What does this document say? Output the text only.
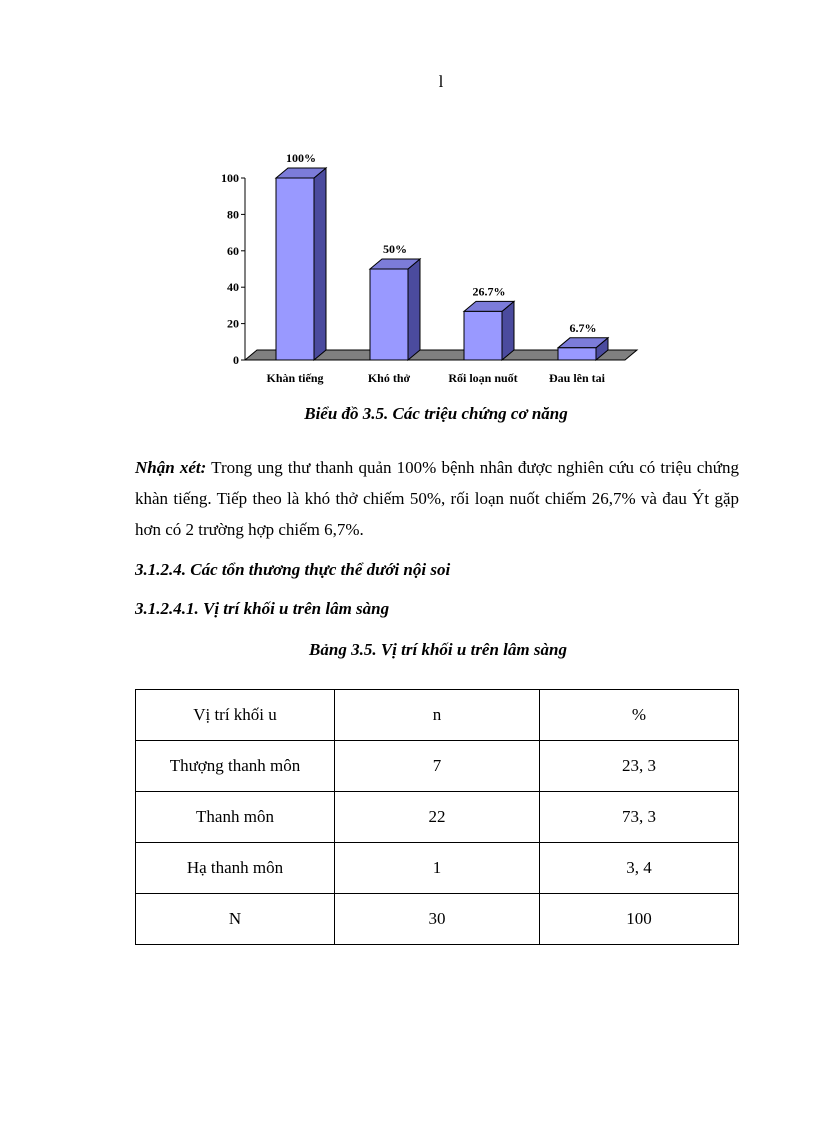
l
0
20
40
60
80
100
Khàn tiếng	Khó thở	Rối loạn nuốt	Đau lên tai
100%
50%
26.7%
6.7%
Biểu đồ 3.5. Các triệu chứng cơ năng
Nhận xét: Trong ung thư thanh quản 100% bệnh nhân được nghiên cứu có triệu chứng khàn tiếng. Tiếp theo là khó thở chiếm 50%, rối loạn nuốt chiếm 26,7% và đau Ýt gặp hơn có 2 trường hợp chiếm 6,7%.
3.1.2.4. Các tổn thương thực thể dưới nội soi
3.1.2.4.1. Vị trí khối u trên lâm sàng
Bảng 3.5. Vị trí khối u trên lâm sàng
Vị trí khối u	n	%
Thượng thanh môn	7	23, 3
Thanh môn	22	73, 3
Hạ thanh môn	1	3, 4
N	30	100
